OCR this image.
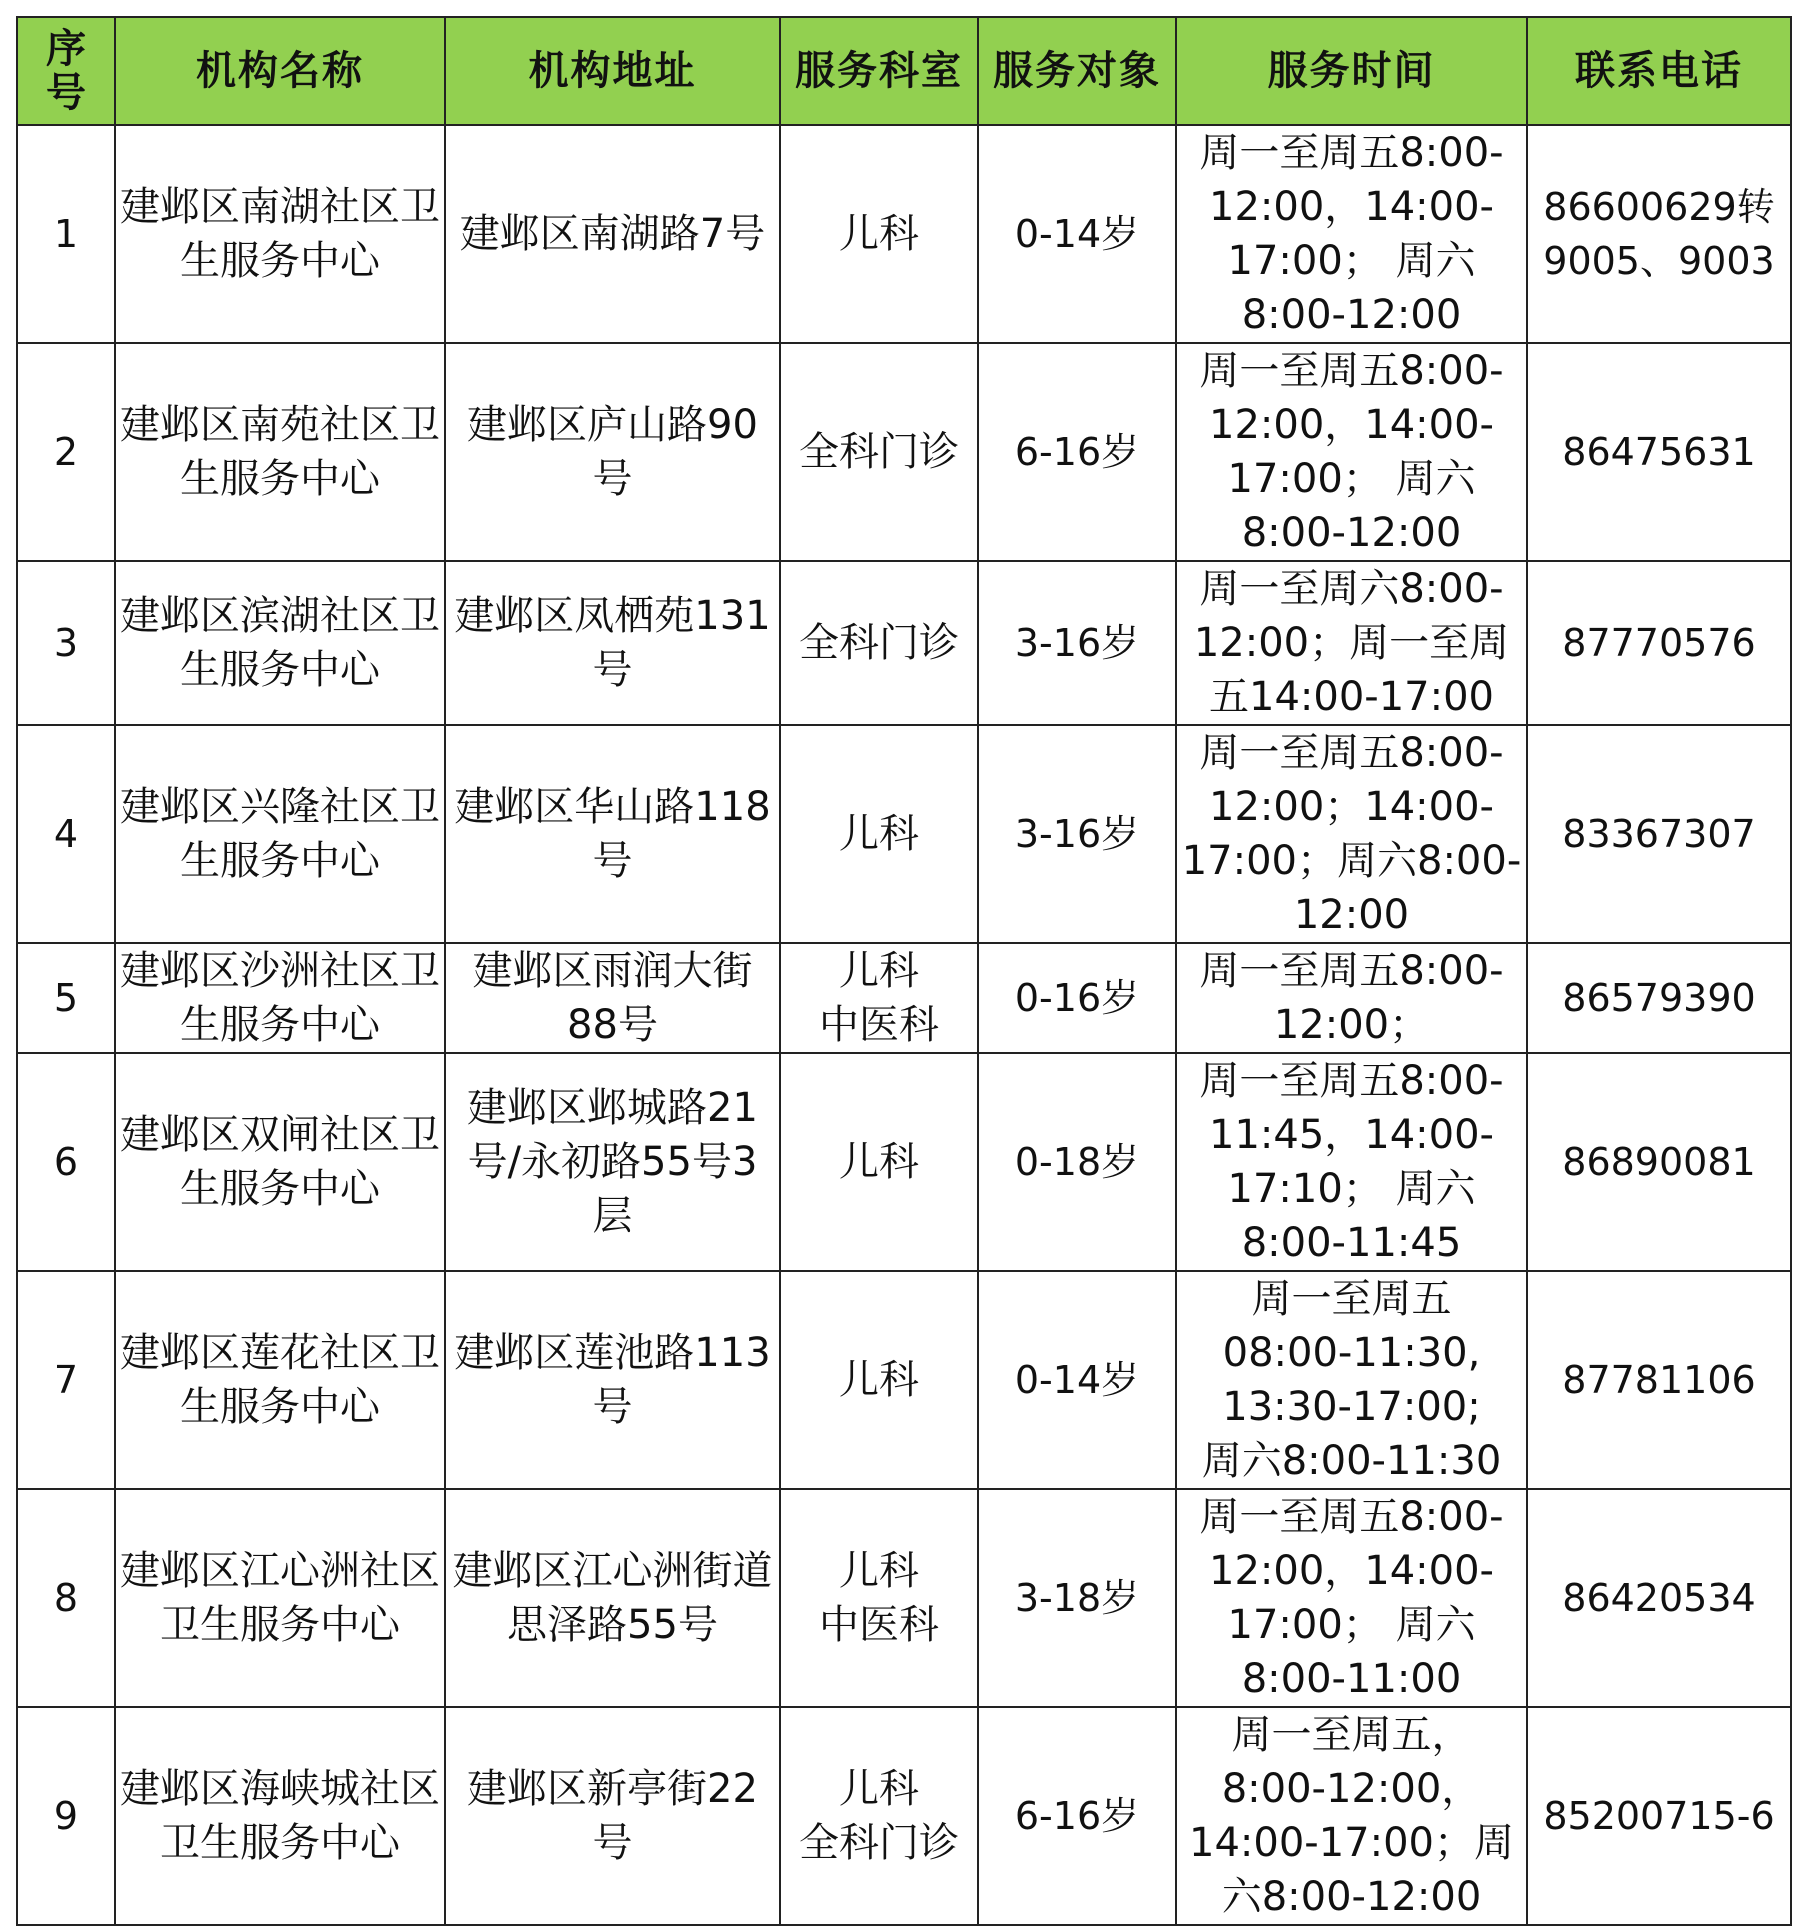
序号	机构名称	机构地址	服务科室	服务对象	服务时间	联系电话

1	建邺区南湖社区卫生服务中心	建邺区南湖路7号	儿科	0-14岁	周一至周五8:00-12:00，14:00-17:00； 周六8:00-12:00	86600629转9005、9003

2	建邺区南苑社区卫生服务中心	建邺区庐山路90号	全科门诊	6-16岁	周一至周五8:00-12:00，14:00-17:00； 周六8:00-12:00	86475631

3	建邺区滨湖社区卫生服务中心	建邺区凤栖苑131号	全科门诊	3-16岁	周一至周六8:00-12:00；周一至周五14:00-17:00	87770576

4	建邺区兴隆社区卫生服务中心	建邺区华山路118号	儿科	3-16岁	周一至周五8:00-12:00；14:00-17:00；周六8:00-12:00	83367307

5	建邺区沙洲社区卫生服务中心	建邺区雨润大街88号	儿科
中医科	0-16岁	周一至周五8:00-12:00；	86579390

6	建邺区双闸社区卫生服务中心	建邺区邺城路21号/永初路55号3层	儿科	0-18岁	周一至周五8:00-11:45，14:00-17:10； 周六8:00-11:45	86890081

7	建邺区莲花社区卫生服务中心	建邺区莲池路113号	儿科	0-14岁	周一至周五
08:00-11:30,
13:30-17:00;
周六8:00-11:30	87781106

8	建邺区江心洲社区卫生服务中心	建邺区江心洲街道思泽路55号	儿科
中医科	3-18岁	周一至周五8:00-12:00，14:00-17:00； 周六8:00-11:00	86420534

9	建邺区海峡城社区卫生服务中心	建邺区新亭街22号	儿科
全科门诊	6-16岁	周一至周五，
8:00-12:00，
14:00-17:00；周六8:00-12:00	85200715-6
